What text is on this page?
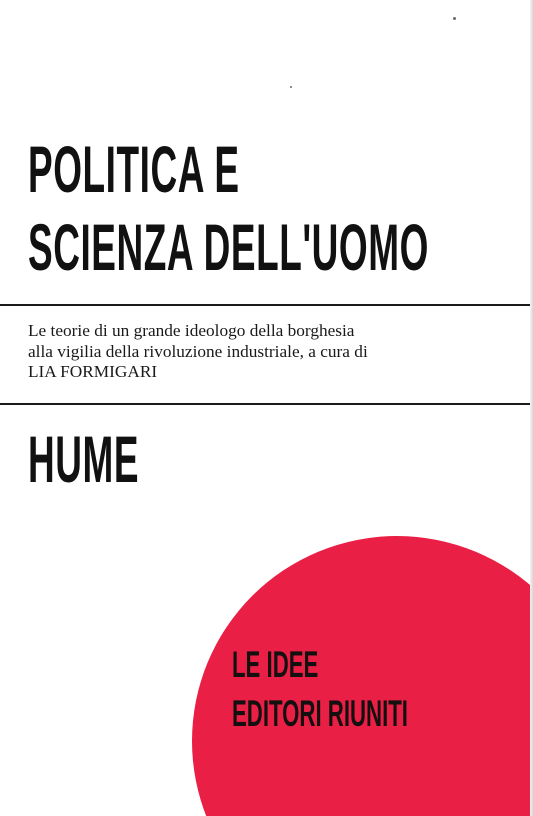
POLITICA E
SCIENZA DELL'UOMO
Le teorie di un grande ideologo della borghesia
alla vigilia della rivoluzione industriale, a cura di
LIA FORMIGARI
HUME
LE IDEE
EDITORI RIUNITI
